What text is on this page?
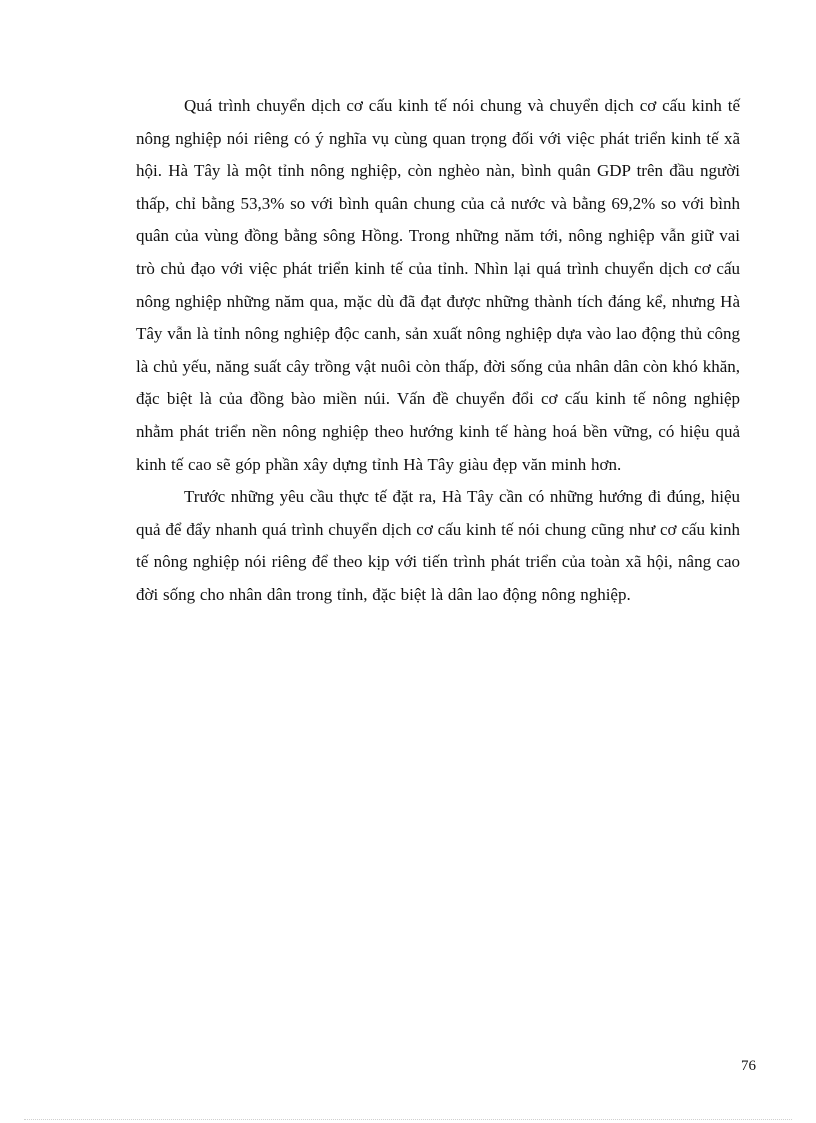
Quá trình chuyển dịch cơ cấu kinh tế nói chung và chuyển dịch cơ cấu kinh tế nông nghiệp nói riêng có ý nghĩa vụ cùng quan trọng đối với việc phát triển kinh tế xã hội. Hà Tây là một tỉnh nông nghiệp, còn nghèo nàn, bình quân GDP trên đầu người thấp, chỉ bằng 53,3% so với bình quân chung của cả nước và bằng 69,2% so với bình quân của vùng đồng bằng sông Hồng. Trong những năm tới, nông nghiệp vẫn giữ vai trò chủ đạo với việc phát triển kinh tế của tỉnh. Nhìn lại quá trình chuyển dịch cơ cấu nông nghiệp những năm qua, mặc dù đã đạt được những thành tích đáng kể, nhưng Hà Tây vẫn là tỉnh nông nghiệp độc canh, sản xuất nông nghiệp dựa vào lao động thủ công là chủ yếu, năng suất cây trồng vật nuôi còn thấp, đời sống của nhân dân còn khó khăn, đặc biệt là của đồng bào miền núi. Vấn đề chuyển đổi cơ cấu kinh tế nông nghiệp nhằm phát triển nền nông nghiệp theo hướng kinh tế hàng hoá bền vững, có hiệu quả kinh tế cao sẽ góp phần xây dựng tỉnh Hà Tây giàu đẹp văn minh hơn.

Trước những yêu cầu thực tế đặt ra, Hà Tây cần có những hướng đi đúng, hiệu quả để đẩy nhanh quá trình chuyển dịch cơ cấu kinh tế nói chung cũng như cơ cấu kinh tế nông nghiệp nói riêng để theo kịp với tiến trình phát triển của toàn xã hội, nâng cao đời sống cho nhân dân trong tỉnh, đặc biệt là dân lao động nông nghiệp.

76
